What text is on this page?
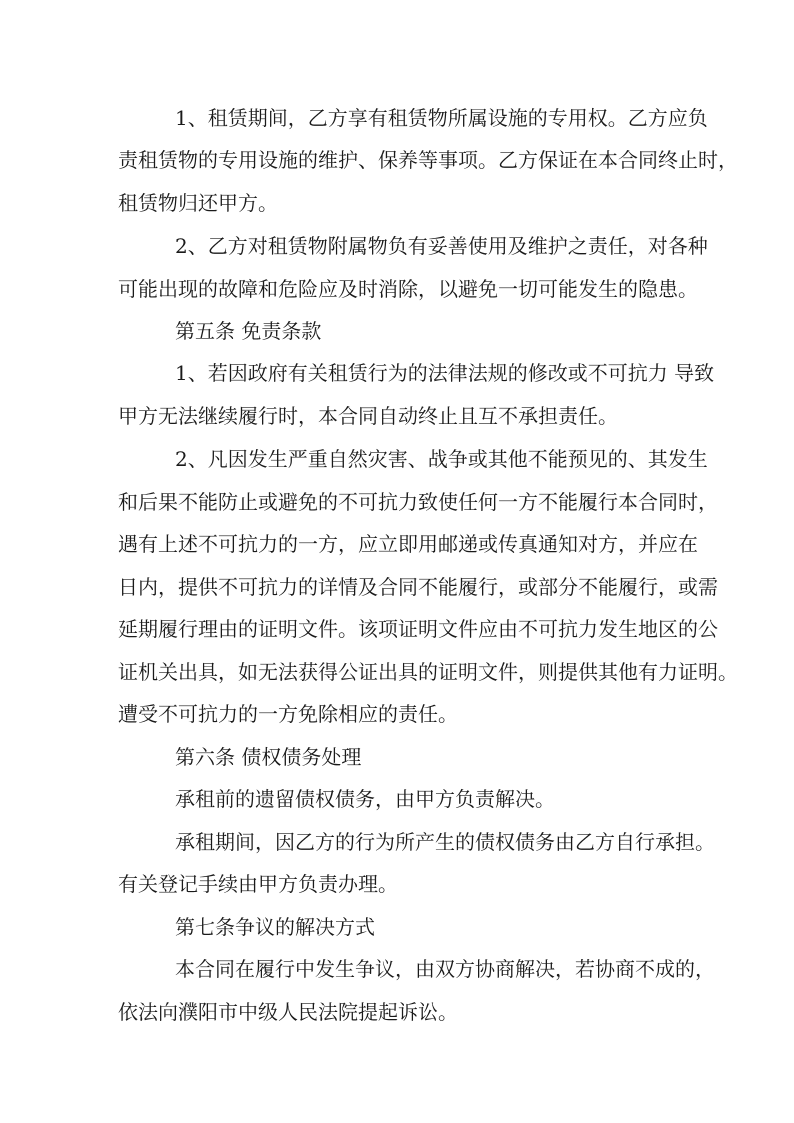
1、租赁期间，乙方享有租赁物所属设施的专用权。乙方应负
责租赁物的专用设施的维护、保养等事项。乙方保证在本合同终止时，
租赁物归还甲方。
2、乙方对租赁物附属物负有妥善使用及维护之责任，对各种
可能出现的故障和危险应及时消除，以避免一切可能发生的隐患。
第五条 免责条款
1、若因政府有关租赁行为的法律法规的修改或不可抗力 导致
甲方无法继续履行时，本合同自动终止且互不承担责任。
2、凡因发生严重自然灾害、战争或其他不能预见的、其发生
和后果不能防止或避免的不可抗力致使任何一方不能履行本合同时，
遇有上述不可抗力的一方，应立即用邮递或传真通知对方，并应在
日内，提供不可抗力的详情及合同不能履行，或部分不能履行，或需
延期履行理由的证明文件。该项证明文件应由不可抗力发生地区的公
证机关出具，如无法获得公证出具的证明文件，则提供其他有力证明。
遭受不可抗力的一方免除相应的责任。
第六条 债权债务处理
承租前的遗留债权债务，由甲方负责解决。
承租期间，因乙方的行为所产生的债权债务由乙方自行承担。
有关登记手续由甲方负责办理。
第七条争议的解决方式
本合同在履行中发生争议，由双方协商解决，若协商不成的，
依法向濮阳市中级人民法院提起诉讼。
